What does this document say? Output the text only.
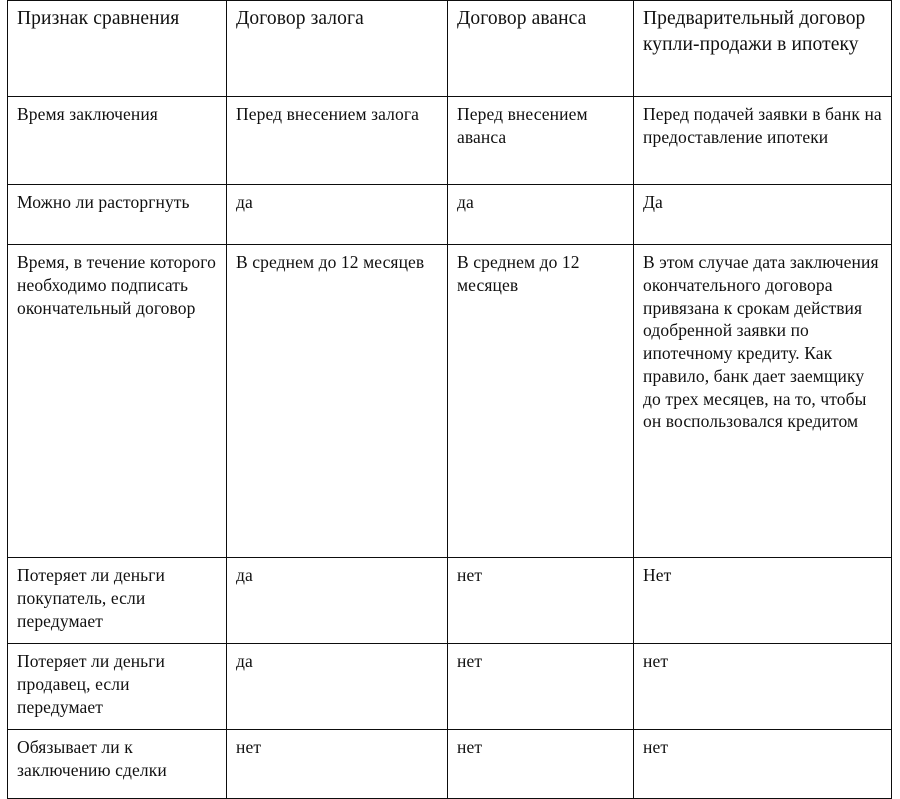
Признак сравнения	Договор залога	Договор аванса	Предварительный договор купли-продажи в ипотеку
Время заключения	Перед внесением залога	Перед внесением аванса	Перед подачей заявки в банк на предоставление ипотеки
Можно ли расторгнуть	да	да	Да
Время, в течение которого необходимо подписать окончательный договор	В среднем до 12 месяцев	В среднем до 12 месяцев	В этом случае дата заключения окончательного договора привязана к срокам действия одобренной заявки по ипотечному кредиту. Как правило, банк дает заемщику до трех месяцев, на то, чтобы он воспользовался кредитом
Потеряет ли деньги покупатель, если передумает	да	нет	Нет
Потеряет ли деньги продавец, если передумает	да	нет	нет
Обязывает ли к заключению сделки	нет	нет	нет
